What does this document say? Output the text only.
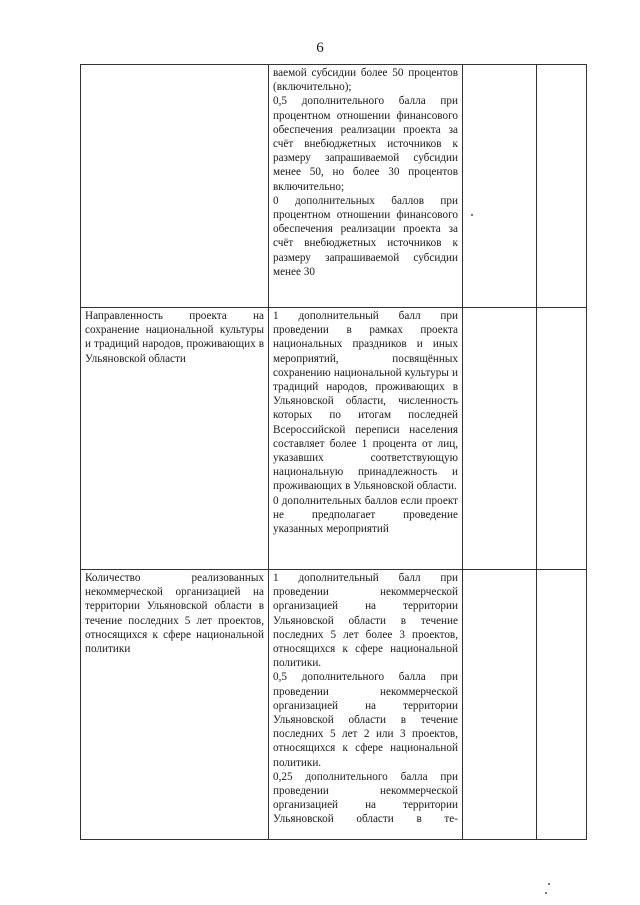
6

	ваемой субсидии более 50 процентов (включительно);

0,5 дополнительного балла при процентном отношении финансового обеспечения реализации проекта за счёт внебюджетных источников к размеру запрашиваемой субсидии менее 50, но более 30 процентов включительно;

0 дополнительных баллов при процентном отношении финансового обеспечения реализации проекта за счёт внебюджетных источников к размеру запрашиваемой субсидии менее 30		

Направленность проекта на сохранение национальной культуры и традиций народов, проживающих в Ульяновской области	1 дополнительный балл при проведении в рамках проекта национальных праздников и иных мероприятий, посвящённых сохранению национальной культуры и традиций народов, проживающих в Ульяновской области, численность которых по итогам последней Всероссийской переписи населения составляет более 1 процента от лиц, указавших соответствующую национальную принадлежность и проживающих в Ульяновской области.

0 дополнительных баллов если проект не предполагает проведение указанных мероприятий		

Количество реализованных некоммерческой организацией на территории Ульяновской области в течение последних 5 лет проектов, относящихся к сфере национальной политики	1 дополнительный балл при проведении некоммерческой организацией на территории Ульяновской области в течение последних 5 лет более 3 проектов, относящихся к сфере национальной политики.

0,5 дополнительного балла при проведении некоммерческой организацией на территории Ульяновской области в течение последних 5 лет 2 или 3 проектов, относящихся к сфере национальной политики.

0,25 дополнительного балла при проведении некоммерческой организацией на территории Ульяновской области в те-		
